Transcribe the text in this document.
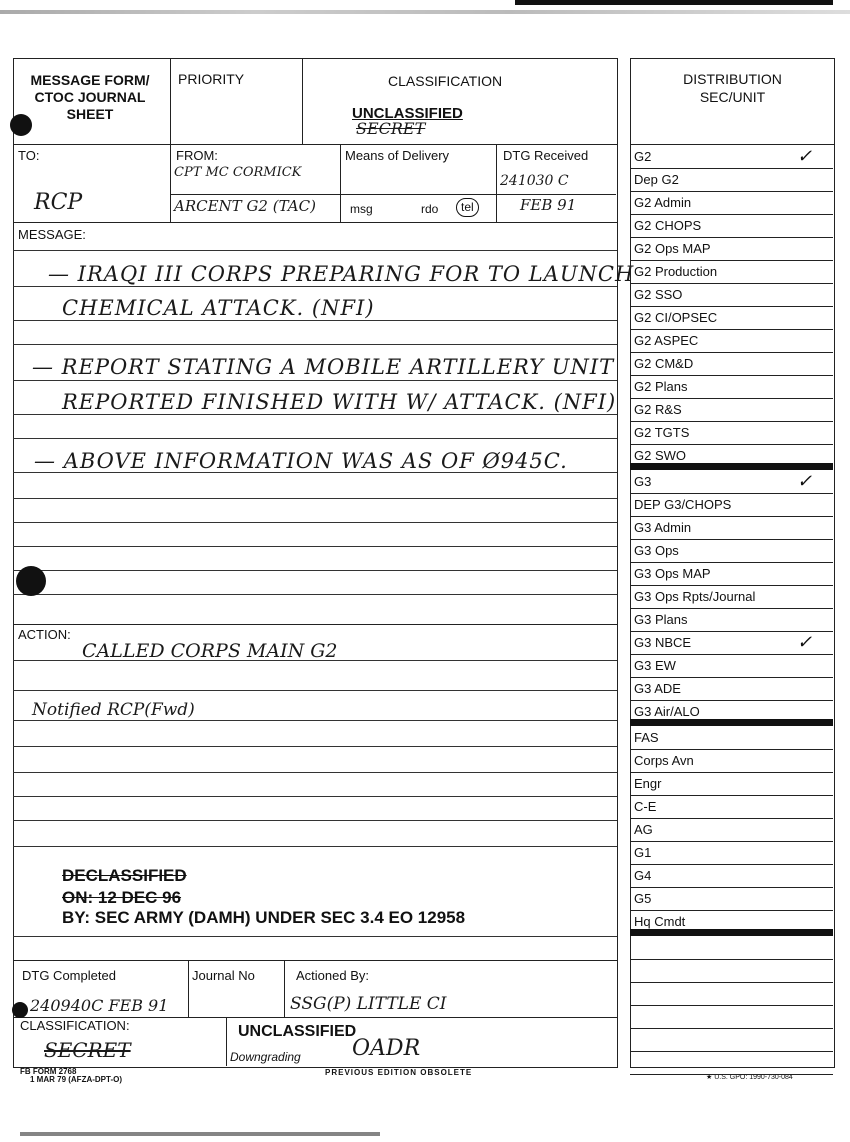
MESSAGE FORM/ CTOC JOURNAL SHEET
PRIORITY	CLASSIFICATION
UNCLASSIFIED
SECRET
TO:
RCP
FROM:
CPT MC CORMICK
ARCENT G2 (TAC)
Means of Delivery
msg	rdo	tel
DTG Received
241030 C
FEB 91
MESSAGE:
— IRAQI III CORPS PREPARING FOR TO LAUNCH
CHEMICAL ATTACK. (NFI)
— REPORT STATING A MOBILE ARTILLERY UNIT
REPORTED FINISHED WITH W/ ATTACK. (NFI)
— ABOVE INFORMATION WAS AS OF Ø945C.
ACTION:
CALLED CORPS MAIN G2
Notified RCP(Fwd)
DECLASSIFIED
ON: 12 DEC 96
BY: SEC ARMY (DAMH) UNDER SEC 3.4 EO 12958
DTG Completed
240940C FEB 91
Journal No	Actioned By:
SSG(P) LITTLE CI
CLASSIFICATION:
SECRET
UNCLASSIFIED
Downgrading OADR
FB FORM 2768
1 MAR 79 (AFZA-DPT-O)
PREVIOUS EDITION OBSOLETE
★ U.S. GPO: 1990-730-084
DISTRIBUTION
SEC/UNIT
G2	✓
Dep G2
G2 Admin
G2 CHOPS
G2 Ops MAP
G2 Production
G2 SSO
G2 CI/OPSEC
G2 ASPEC
G2 CM&D
G2 Plans
G2 R&S
G2 TGTS
G2 SWO
G3	✓
DEP G3/CHOPS
G3 Admin
G3 Ops
G3 Ops MAP
G3 Ops Rpts/Journal
G3 Plans
G3 NBCE	✓
G3 EW
G3 ADE
G3 Air/ALO
FAS
Corps Avn
Engr
C-E
AG
G1
G4
G5
Hq Cmdt
